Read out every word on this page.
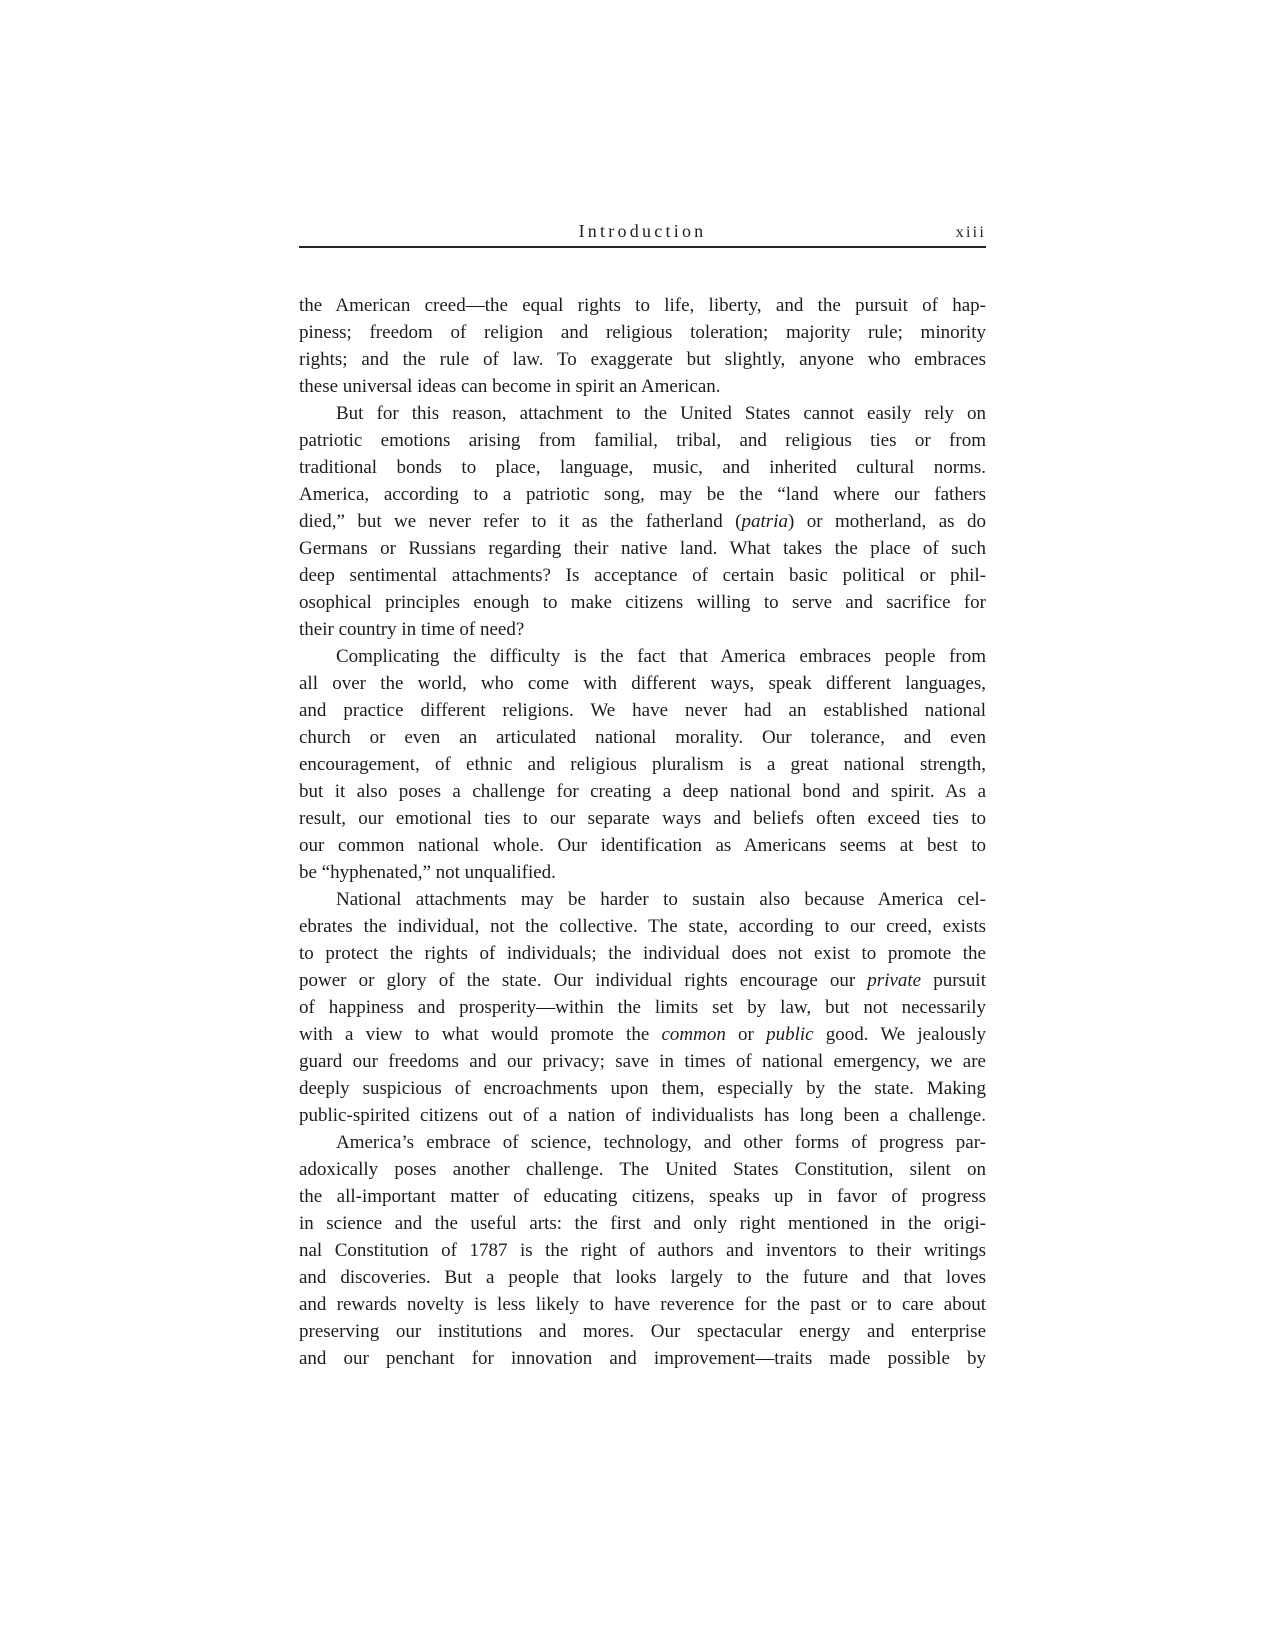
Introduction	xiii
the American creed—the equal rights to life, liberty, and the pursuit of hap-
piness; freedom of religion and religious toleration; majority rule; minority
rights; and the rule of law. To exaggerate but slightly, anyone who embraces
these universal ideas can become in spirit an American.
But for this reason, attachment to the United States cannot easily rely on
patriotic emotions arising from familial, tribal, and religious ties or from
traditional bonds to place, language, music, and inherited cultural norms.
America, according to a patriotic song, may be the “land where our fathers
died,” but we never refer to it as the fatherland (patria) or motherland, as do
Germans or Russians regarding their native land. What takes the place of such
deep sentimental attachments? Is acceptance of certain basic political or phil-
osophical principles enough to make citizens willing to serve and sacrifice for
their country in time of need?
Complicating the difficulty is the fact that America embraces people from
all over the world, who come with different ways, speak different languages,
and practice different religions. We have never had an established national
church or even an articulated national morality. Our tolerance, and even
encouragement, of ethnic and religious pluralism is a great national strength,
but it also poses a challenge for creating a deep national bond and spirit. As a
result, our emotional ties to our separate ways and beliefs often exceed ties to
our common national whole. Our identification as Americans seems at best to
be “hyphenated,” not unqualified.
National attachments may be harder to sustain also because America cel-
ebrates the individual, not the collective. The state, according to our creed, exists
to protect the rights of individuals; the individual does not exist to promote the
power or glory of the state. Our individual rights encourage our private pursuit
of happiness and prosperity—within the limits set by law, but not necessarily
with a view to what would promote the common or public good. We jealously
guard our freedoms and our privacy; save in times of national emergency, we are
deeply suspicious of encroachments upon them, especially by the state. Making
public-spirited citizens out of a nation of individualists has long been a challenge.
America’s embrace of science, technology, and other forms of progress par-
adoxically poses another challenge. The United States Constitution, silent on
the all-important matter of educating citizens, speaks up in favor of progress
in science and the useful arts: the first and only right mentioned in the origi-
nal Constitution of 1787 is the right of authors and inventors to their writings
and discoveries. But a people that looks largely to the future and that loves
and rewards novelty is less likely to have reverence for the past or to care about
preserving our institutions and mores. Our spectacular energy and enterprise
and our penchant for innovation and improvement—traits made possible by
